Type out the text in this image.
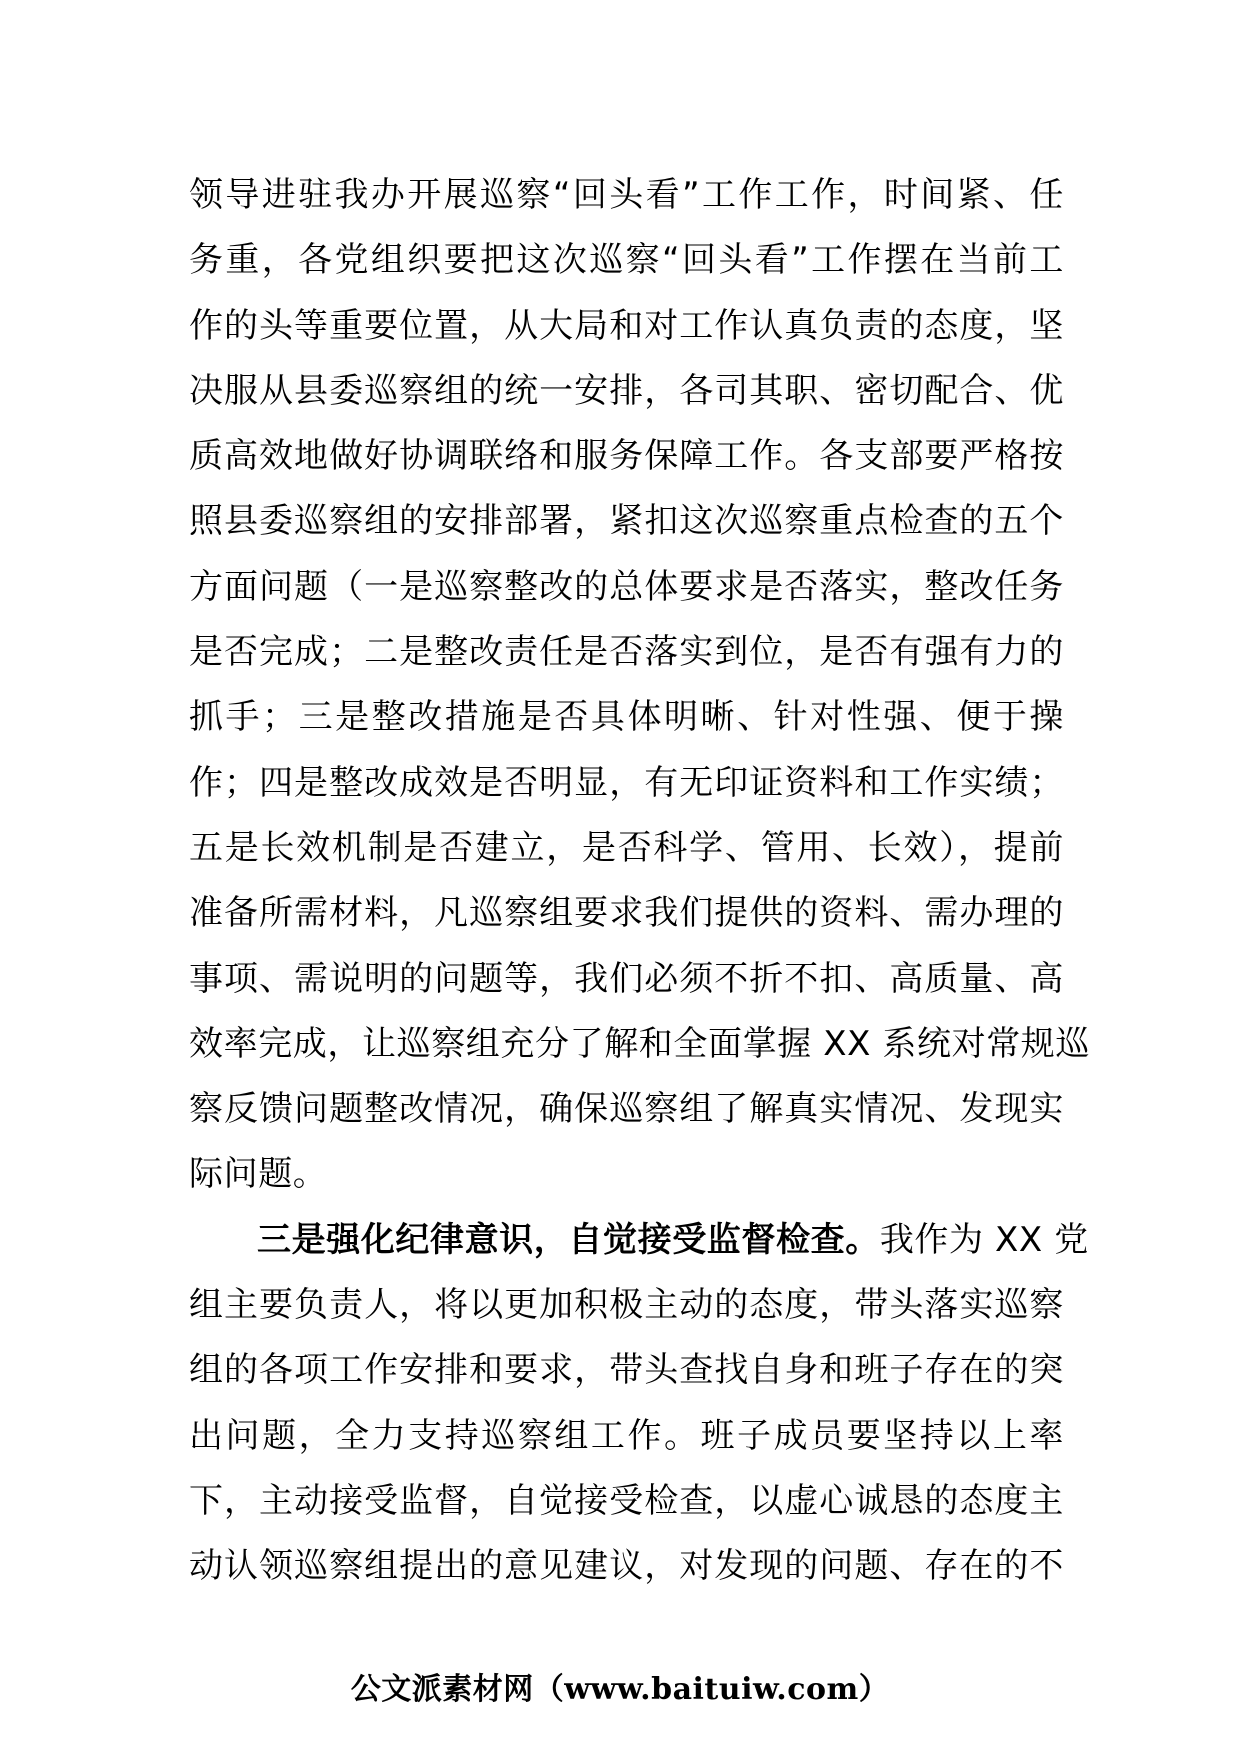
领导进驻我办开展巡察“回头看”工作工作，时间紧、任
务重，各党组织要把这次巡察“回头看”工作摆在当前工
作的头等重要位置，从大局和对工作认真负责的态度，坚
决服从县委巡察组的统一安排，各司其职、密切配合、优
质高效地做好协调联络和服务保障工作。各支部要严格按
照县委巡察组的安排部署，紧扣这次巡察重点检查的五个
方面问题（一是巡察整改的总体要求是否落实，整改任务
是否完成；二是整改责任是否落实到位，是否有强有力的
抓手；三是整改措施是否具体明晰、针对性强、便于操
作；四是整改成效是否明显，有无印证资料和工作实绩；
五是长效机制是否建立，是否科学、管用、长效），提前
准备所需材料，凡巡察组要求我们提供的资料、需办理的
事项、需说明的问题等，我们必须不折不扣、高质量、高
效率完成，让巡察组充分了解和全面掌握 XX 系统对常规巡
察反馈问题整改情况，确保巡察组了解真实情况、发现实
际问题。
三是强化纪律意识，自觉接受监督检查。我作为 XX 党
组主要负责人，将以更加积极主动的态度，带头落实巡察
组的各项工作安排和要求，带头查找自身和班子存在的突
出问题，全力支持巡察组工作。班子成员要坚持以上率
下，主动接受监督，自觉接受检查，以虚心诚恳的态度主
动认领巡察组提出的意见建议，对发现的问题、存在的不
公文派素材网（www.baituiw.com）
